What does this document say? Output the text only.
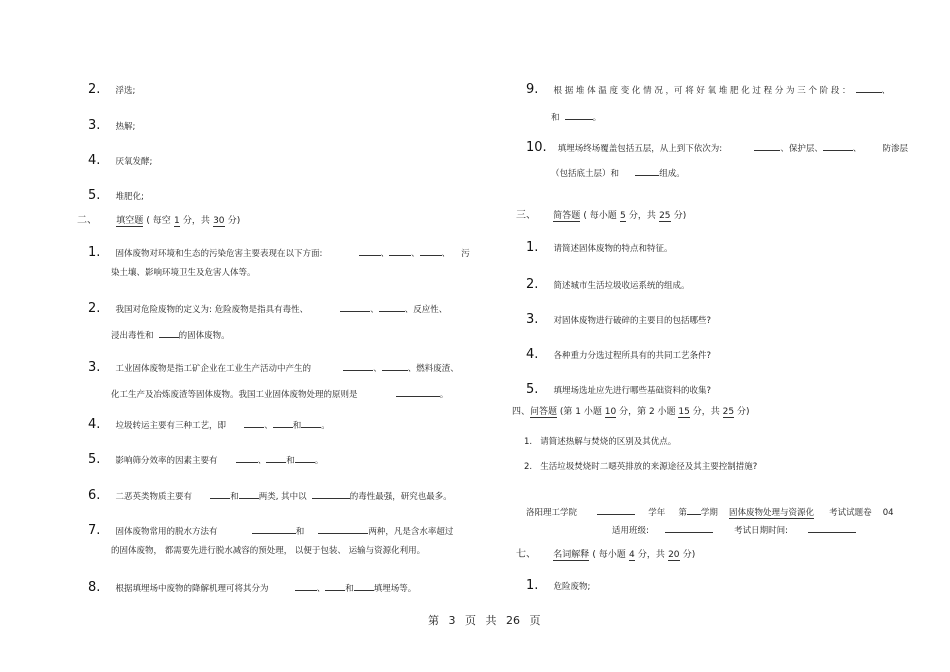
2. 浮选;
3. 热解;
4. 厌氧发酵;
5. 堆肥化;
二、 填空题 ( 每空 1 分，共 30 分)
1. 固体废物对环境和生态的污染危害主要表现在以下方面:	、	、	、 污
染土壤、影响环境卫生及危害人体等。
2. 我国对危险废物的定义为: 危险废物是指具有毒性、	、	、反应性、
浸出毒性和	的固体废物。
3. 工业固体废物是指工矿企业在工业生产活动中产生的	、	、燃料废渣、
化工生产及冶炼废渣等固体废物。我国工业固体废物处理的原则是	。
4. 垃圾转运主要有三种工艺，即	、 和 。
5. 影响筛分效率的因素主要有	、 和 。
6. 二恶英类物质主要有	和 两类, 其中以	的毒性最强，研究也最多。
7. 固体废物常用的脱水方法有	和	两种，凡是含水率超过
的固体废物， 都需要先进行脱水减容的预处理， 以便于包装、 运输与资源化利用。
8. 根据填埋场中废物的降解机理可将其分为	、 和 填埋场等。
9. 根 据 堆 体 温 度 变 化 情 况 ，可 将 好 氧 堆 肥 化 过 程 分 为 三 个 阶 段 ：	、
和	。
10. 填埋场终场覆盖包括五层，从上到下依次为:	、保护层、	、 防渗层
（包括底土层）和	组成。
三、 简答题 ( 每小题 5 分，共 25 分)
1. 请简述固体废物的特点和特征。
2. 简述城市生活垃圾收运系统的组成。
3. 对固体废物进行破碎的主要目的包括哪些?
4. 各种重力分选过程所具有的共同工艺条件?
5. 填埋场选址应先进行哪些基础资料的收集?
四、问答题 (第 1 小题 10 分，第 2 小题 15 分，共 25 分)
1. 请简述热解与焚烧的区别及其优点。
2. 生活垃圾焚烧时二噁英排放的来源途径及其主要控制措施?
洛阳理工学院	学年 第 学期 固体废物处理与资源化 考试试题卷 04
适用班级:	考试日期时间:
七、 名词解释 ( 每小题 4 分，共 20 分)
1. 危险废物;
第 3 页 共 26 页
